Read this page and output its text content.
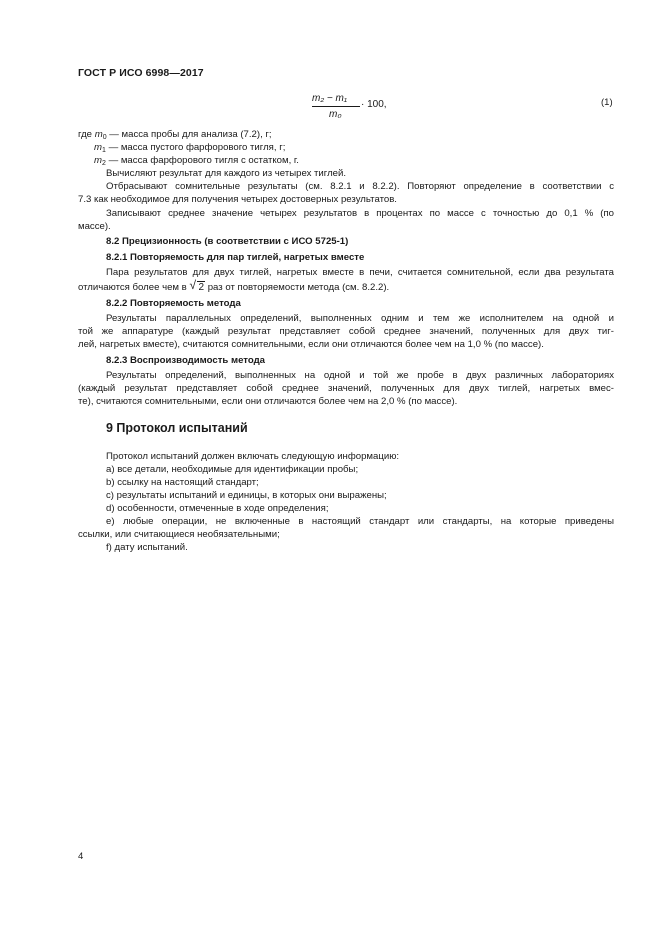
ГОСТ Р ИСО 6998—2017
m₂ − m₁
m₀
· 100,	(1)
где $m_0$ — масса пробы для анализа (7.2), г;
$m_1$ — масса пустого фарфорового тигля, г;
$m_2$ — масса фарфорового тигля с остатком, г.
Вычисляют результат для каждого из четырех тиглей.
Отбрасывают сомнительные результаты (см. 8.2.1 и 8.2.2). Повторяют определение в соответствии с
7.3 как необходимое для получения четырех достоверных результатов.
Записывают среднее значение четырех результатов в процентах по массе с точностью до 0,1 % (по
массе).
8.2 Прецизионность (в соответствии с ИСО 5725-1)
8.2.1 Повторяемость для пар тиглей, нагретых вместе
Пара результатов для двух тиглей, нагретых вместе в печи, считается сомнительной, если два результата
отличаются более чем в √ 2 раз от повторяемости метода (см. 8.2.2).
8.2.2 Повторяемость метода
Результаты параллельных определений, выполненных одним и тем же исполнителем на одной и
той же аппаратуре (каждый результат представляет собой среднее значений, полученных для двух тиг-
лей, нагретых вместе), считаются сомнительными, если они отличаются более чем на 1,0 % (по массе).
8.2.3 Воспроизводимость метода
Результаты определений, выполненных на одной и той же пробе в двух различных лабораториях
(каждый результат представляет собой среднее значений, полученных для двух тиглей, нагретых вмес-
те), считаются сомнительными, если они отличаются более чем на 2,0 % (по массе).
9 Протокол испытаний
Протокол испытаний должен включать следующую информацию:
a) все детали, необходимые для идентификации пробы;
b) ссылку на настоящий стандарт;
c) результаты испытаний и единицы, в которых они выражены;
d) особенности, отмеченные в ходе определения;
e) любые операции, не включенные в настоящий стандарт или стандарты, на которые приведены
ссылки, или считающиеся необязательными;
f) дату испытаний.
4
